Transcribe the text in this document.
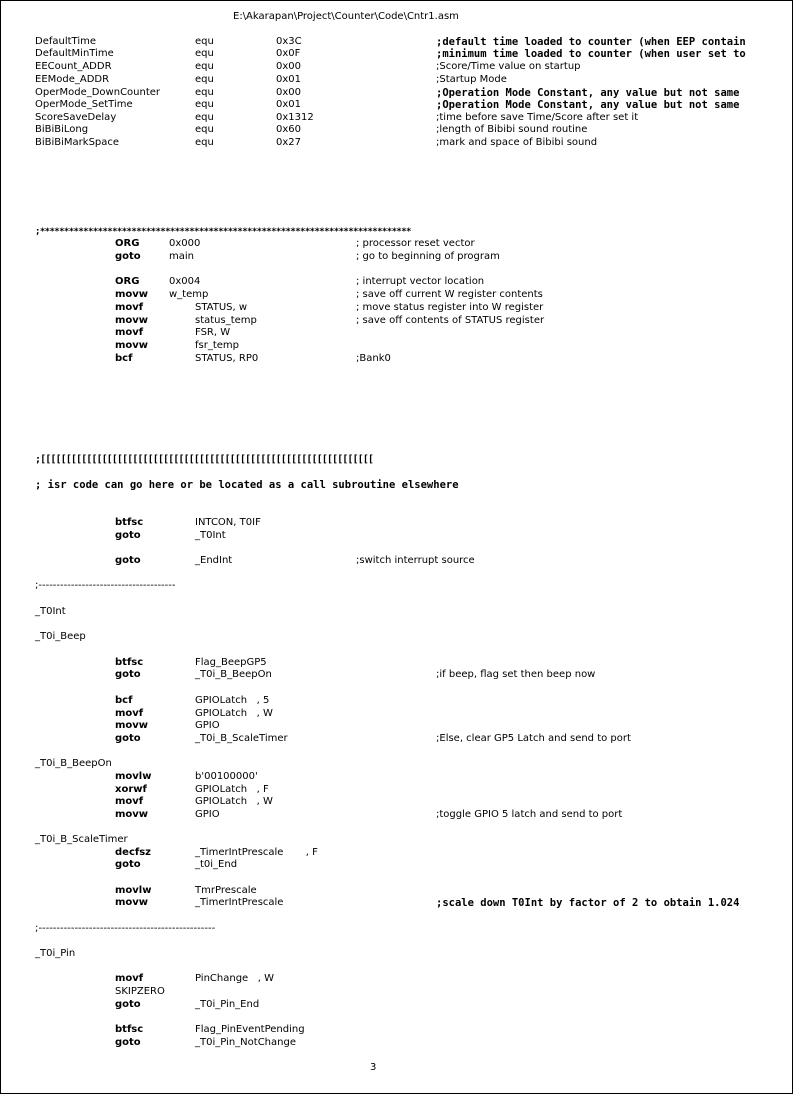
E:\Akarapan\Project\Counter\Code\Cntr1.asm
DefaultTime	equ	0x3C	;default time loaded to counter (when EEP contain
DefaultMinTime	equ	0x0F	;minimum time loaded to counter (when user set to
EECount_ADDR	equ	0x00	;Score/Time value on startup
EEMode_ADDR	equ	0x01	;Startup Mode
OperMode_DownCounter	equ	0x00	;Operation Mode Constant, any value but not same
OperMode_SetTime	equ	0x01	;Operation Mode Constant, any value but not same
ScoreSaveDelay	equ	0x1312	;time before save Time/Score after set it
BiBiBiLong	equ	0x60	;length of Bibibi sound routine
BiBiBiMarkSpace	equ	0x27	;mark and space of Bibibi sound
;*****************************************************************************
ORG	0x000	; processor reset vector
goto	main	; go to beginning of program
ORG	0x004	; interrupt vector location
movw w_temp	; save off current W register contents
movf	STATUS, w	; move status register into W register
movw	status_temp	; save off contents of STATUS register
movf	FSR, W
movw	fsr_temp
bcf	STATUS, RP0	;Bank0
;[[[[[[[[[[[[[[[[[[[[[[[[[[[[[[[[[[[[[[[[[[[[[[[[[[[[[[[[[[[[[[[[[
; isr code can go here or be located as a call subroutine elsewhere
btfsc	INTCON, T0IF
goto	_T0Int
goto	_EndInt	;switch interrupt source
;--------------------------------------
_T0Int
_T0i_Beep
btfsc	Flag_BeepGP5
goto	_T0i_B_BeepOn	;if beep, flag set then beep now
bcf	GPIOLatch   , 5
movf	GPIOLatch   , W
movw	GPIO
goto	_T0i_B_ScaleTimer	;Else, clear GP5 Latch and send to port
_T0i_B_BeepOn
movlw	b'00100000'
xorwf	GPIOLatch   , F
movf	GPIOLatch   , W
movw	GPIO	;toggle GPIO 5 latch and send to port
_T0i_B_ScaleTimer
decfsz	_TimerIntPrescale       , F
goto	_t0i_End
movlw	TmrPrescale
movw	_TimerIntPrescale	;scale down T0Int by factor of 2 to obtain 1.024
;-------------------------------------------------
_T0i_Pin
movf	PinChange   , W
SKIPZERO
goto	_T0i_Pin_End
btfsc	Flag_PinEventPending
goto	_T0i_Pin_NotChange
3
